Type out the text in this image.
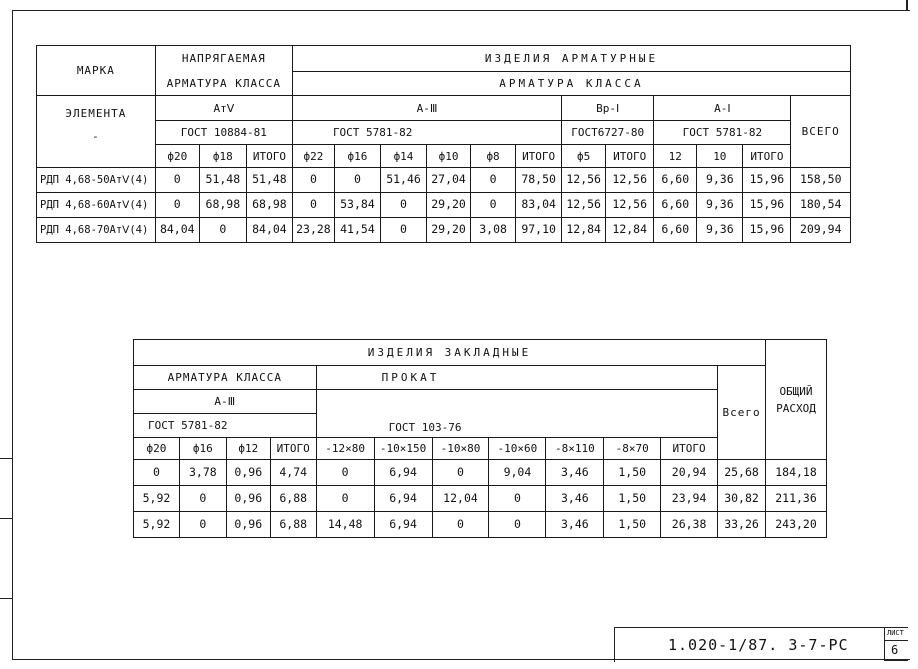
МАРКА	НАПРЯГАЕМАЯ			ИЗДЕЛИЯ АРМАТУРНЫЕ											
	АРМАТУРА КЛАССА			АРМАТУРА КЛАССА											

ЭЛЕМЕНТА
-	АтⅤ			А-Ⅲ						Вр-Ⅰ		А-Ⅰ			ВСЕГО
	ГОСТ 10884-81			ГОСТ 5781-82						ГОСТ6727-80		ГОСТ 5781-82			
	ф20	ф18	ИТОГО	ф22	ф16	ф14	ф10	ф8	ИТОГО	ф5	ИТОГО	12	10	ИТОГО	
РДП 4,68-50АтⅤ(4)	0	51,48	51,48	0	0	51,46	27,04	0	78,50	12,56	12,56	6,60	9,36	15,96	158,50
РДП 4,68-60АтⅤ(4)	0	68,98	68,98	0	53,84	0	29,20	0	83,04	12,56	12,56	6,60	9,36	15,96	180,54
РДП 4,68-70АтⅤ(4)	84,04	0	84,04	23,28	41,54	0	29,20	3,08	97,10	12,84	12,84	6,60	9,36	15,96	209,94
ИЗДЕЛИЯ ЗАКЛАДНЫЕ												ОБЩИЙ
РАСХОД

АРМАТУРА КЛАССА				ПРОКАТ							Всего	
А-Ⅲ				ГОСТ 103-76								
ГОСТ 5781-82												
ф20	ф16	ф12	ИТОГО	-12×80	-10×150	-10×80	-10×60	-8×110	-8×70	ИТОГО		
0	3,78	0,96	4,74	0	6,94	0	9,04	3,46	1,50	20,94	25,68	184,18
5,92	0	0,96	6,88	0	6,94	12,04	0	3,46	1,50	23,94	30,82	211,36
5,92	0	0,96	6,88	14,48	6,94	0	0	3,46	1,50	26,38	33,26	243,20
1.020-1/87. 3-7-РС
ЛИСТ
6
